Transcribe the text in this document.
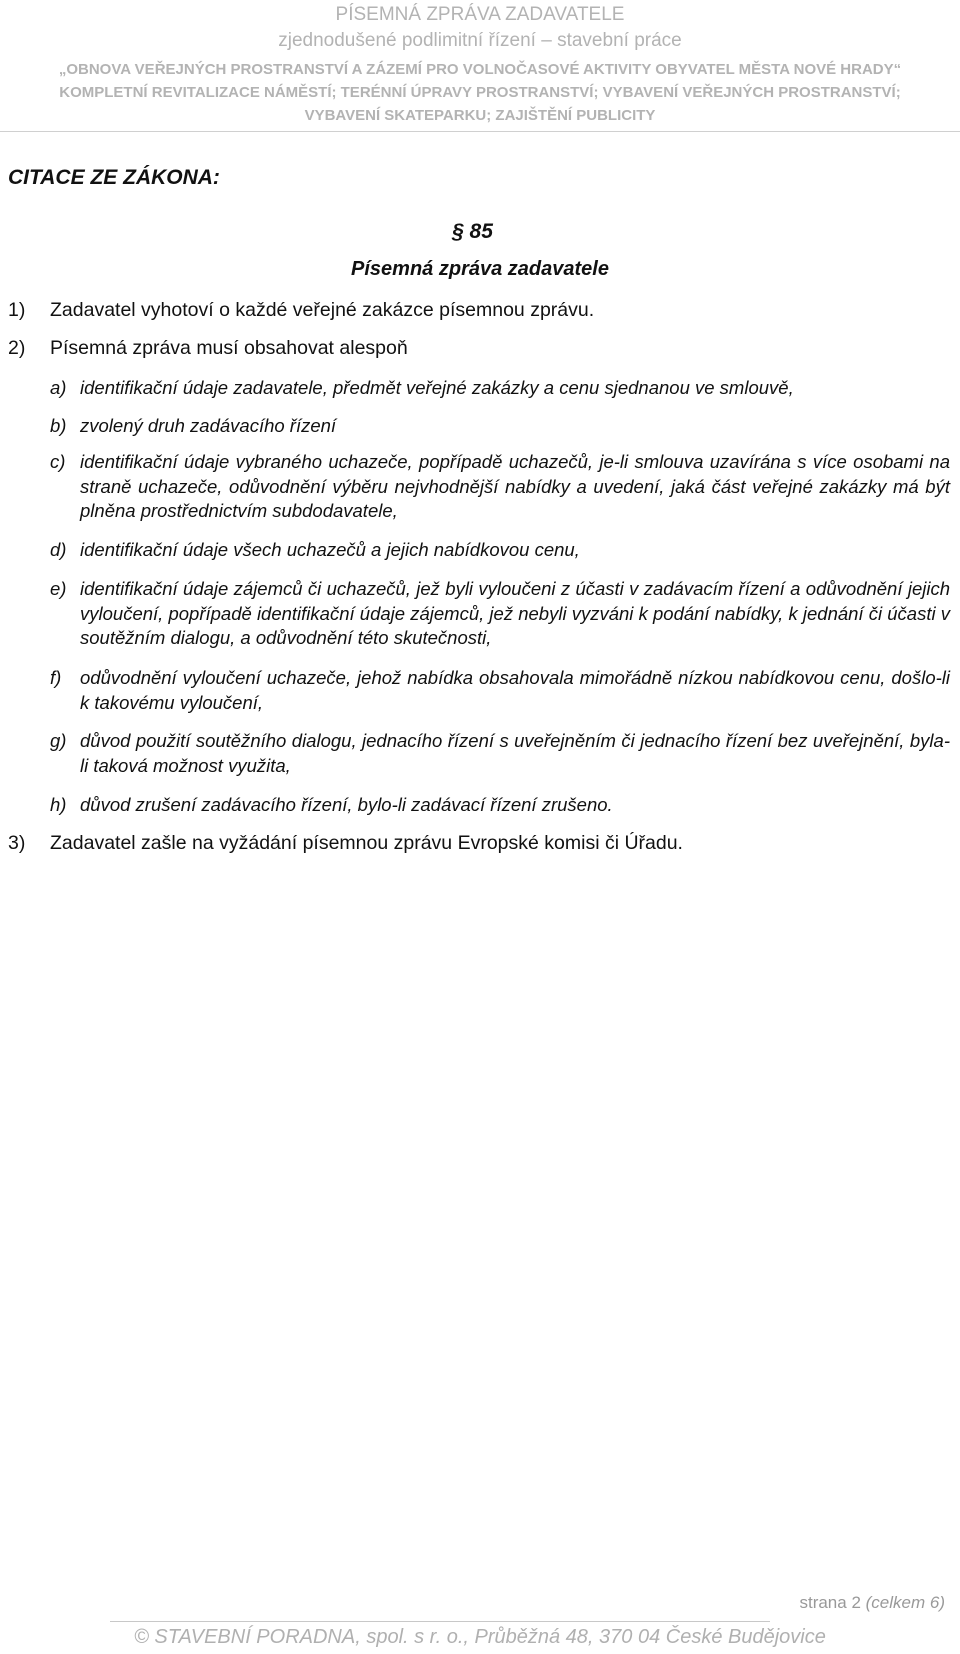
PÍSEMNÁ ZPRÁVA ZADAVATELE
zjednodušené podlimitní řízení – stavební práce
„OBNOVA VEŘEJNÝCH PROSTRANSTVÍ A ZÁZEMÍ PRO VOLNOČASOVÉ AKTIVITY OBYVATEL MĚSTA NOVÉ HRADY“
KOMPLETNÍ REVITALIZACE NÁMĚSTÍ; TERÉNNÍ ÚPRAVY PROSTRANSTVÍ; VYBAVENÍ VEŘEJNÝCH PROSTRANSTVÍ;
VYBAVENÍ SKATEPARKU; ZAJIŠTĚNÍ PUBLICITY
CITACE ZE ZÁKONA:
§ 85
Písemná zpráva zadavatele
1) Zadavatel vyhotoví o každé veřejné zakázce písemnou zprávu.
2) Písemná zpráva musí obsahovat alespoň
a) identifikační údaje zadavatele, předmět veřejné zakázky a cenu sjednanou ve smlouvě,
b) zvolený druh zadávacího řízení
c) identifikační údaje vybraného uchazeče, popřípadě uchazečů, je-li smlouva uzavírána s více osobami na straně uchazeče, odůvodnění výběru nejvhodnější nabídky a uvedení, jaká část veřejné zakázky má být plněna prostřednictvím subdodavatele,
d) identifikační údaje všech uchazečů a jejich nabídkovou cenu,
e) identifikační údaje zájemců či uchazečů, jež byli vyloučeni z účasti v zadávacím řízení a odůvodnění jejich vyloučení, popřípadě identifikační údaje zájemců, jež nebyli vyzváni k podání nabídky, k jednání či účasti v soutěžním dialogu, a odůvodnění této skutečnosti,
f)	odůvodnění vyloučení uchazeče, jehož nabídka obsahovala mimořádně nízkou nabídkovou cenu, došlo-li k takovému vyloučení,
g) důvod použití soutěžního dialogu, jednacího řízení s uveřejněním či jednacího řízení bez uveřejnění, byla-li taková možnost využita,
h) důvod zrušení zadávacího řízení, bylo-li zadávací řízení zrušeno.
3) Zadavatel zašle na vyžádání písemnou zprávu Evropské komisi či Úřadu.
strana 2 (celkem 6)
© STAVEBNÍ PORADNA, spol. s r. o., Průběžná 48, 370 04 České Budějovice
